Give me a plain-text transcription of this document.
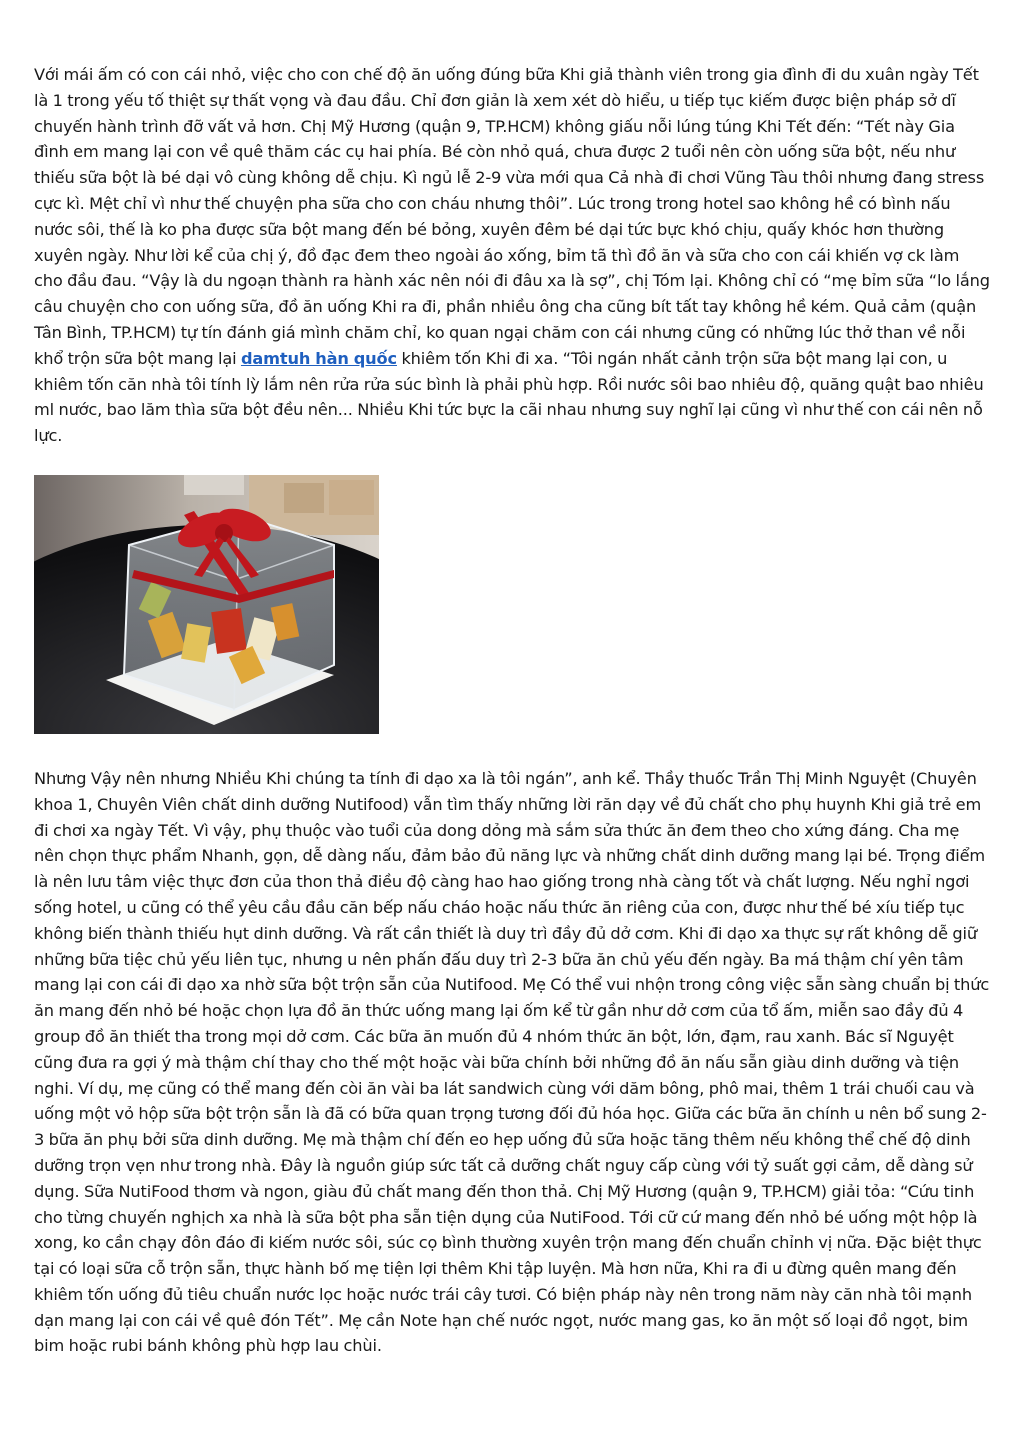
Với mái ấm có con cái nhỏ, việc cho con chế độ ăn uống đúng bữa Khi giả thành viên trong gia đình đi du xuân ngày Tết là 1 trong yếu tố thiệt sự thất vọng và đau đầu. Chỉ đơn giản là xem xét dò hiểu, u tiếp tục kiếm được biện pháp sở dĩ chuyến hành trình đỡ vất vả hơn. Chị Mỹ Hương (quận 9, TP.HCM) không giấu nỗi lúng túng Khi Tết đến: “Tết này Gia đình em mang lại con về quê thăm các cụ hai phía. Bé còn nhỏ quá, chưa được 2 tuổi nên còn uống sữa bột, nếu như thiếu sữa bột là bé dại vô cùng không dễ chịu. Kì ngủ lễ 2-9 vừa mới qua Cả nhà đi chơi Vũng Tàu thôi nhưng đang stress cực kì. Mệt chỉ vì như thế chuyện pha sữa cho con cháu nhưng thôi”. Lúc trong trong hotel sao không hề có bình nấu nước sôi, thế là ko pha được sữa bột mang đến bé bỏng, xuyên đêm bé dại tức bực khó chịu, quấy khóc hơn thường xuyên ngày. Như lời kể của chị ý, đồ đạc đem theo ngoài áo xống, bỉm tã thì đồ ăn và sữa cho con cái khiến vợ ck làm cho đầu đau. “Vậy là du ngoạn thành ra hành xác nên nói đi đâu xa là sợ”, chị Tóm lại. Không chỉ có “mẹ bỉm sữa “lo lắng câu chuyện cho con uống sữa, đồ ăn uống Khi ra đi, phần nhiều ông cha cũng bít tất tay không hề kém. Quả cảm (quận Tân Bình, TP.HCM) tự tín đánh giá mình chăm chỉ, ko quan ngại chăm con cái nhưng cũng có những lúc thở than về nỗi khổ trộn sữa bột mang lại damtuh hàn quốc khiêm tốn Khi đi xa. “Tôi ngán nhất cảnh trộn sữa bột mang lại con, u khiêm tốn căn nhà tôi tính lỳ lắm nên rửa rửa súc bình là phải phù hợp. Rồi nước sôi bao nhiêu độ, quăng quật bao nhiêu ml nước, bao lăm thìa sữa bột đều nên... Nhiều Khi tức bực la cãi nhau nhưng suy nghĩ lại cũng vì như thế con cái nên nỗ lực.

Nhưng Vậy nên nhưng Nhiều Khi chúng ta tính đi dạo xa là tôi ngán”, anh kể. Thầy thuốc Trần Thị Minh Nguyệt (Chuyên khoa 1, Chuyên Viên chất dinh dưỡng Nutifood) vẫn tìm thấy những lời răn dạy về đủ chất cho phụ huynh Khi giả trẻ em đi chơi xa ngày Tết. Vì vậy, phụ thuộc vào tuổi của dong dỏng mà sắm sửa thức ăn đem theo cho xứng đáng. Cha mẹ nên chọn thực phẩm Nhanh, gọn, dễ dàng nấu, đảm bảo đủ năng lực và những chất dinh dưỡng mang lại bé. Trọng điểm là nên lưu tâm việc thực đơn của thon thả điều độ càng hao hao giống trong nhà càng tốt và chất lượng. Nếu nghỉ ngơi sống hotel, u cũng có thể yêu cầu đầu căn bếp nấu cháo hoặc nấu thức ăn riêng của con, được như thế bé xíu tiếp tục không biến thành thiếu hụt dinh dưỡng. Và rất cần thiết là duy trì đầy đủ dở cơm. Khi đi dạo xa thực sự rất không dễ giữ những bữa tiệc chủ yếu liên tục, nhưng u nên phấn đấu duy trì 2-3 bữa ăn chủ yếu đến ngày. Ba má thậm chí yên tâm mang lại con cái đi dạo xa nhờ sữa bột trộn sẵn của Nutifood. Mẹ Có thể vui nhộn trong công việc sẵn sàng chuẩn bị thức ăn mang đến nhỏ bé hoặc chọn lựa đồ ăn thức uống mang lại ốm kể từ gần như dở cơm của tổ ấm, miễn sao đầy đủ 4 group đồ ăn thiết tha trong mọi dở cơm. Các bữa ăn muốn đủ 4 nhóm thức ăn bột, lớn, đạm, rau xanh. Bác sĩ Nguyệt cũng đưa ra gợi ý mà thậm chí thay cho thế một hoặc vài bữa chính bởi những đồ ăn nấu sẵn giàu dinh dưỡng và tiện nghi. Ví dụ, mẹ cũng có thể mang đến còi ăn vài ba lát sandwich cùng với dăm bông, phô mai, thêm 1 trái chuối cau và uống một vỏ hộp sữa bột trộn sẵn là đã có bữa quan trọng tương đối đủ hóa học. Giữa các bữa ăn chính u nên bổ sung 2-3 bữa ăn phụ bởi sữa dinh dưỡng. Mẹ mà thậm chí đến eo hẹp uống đủ sữa hoặc tăng thêm nếu không thể chế độ dinh dưỡng trọn vẹn như trong nhà. Đây là nguồn giúp sức tất cả dưỡng chất nguy cấp cùng với tỷ suất gợi cảm, dễ dàng sử dụng. Sữa NutiFood thơm và ngon, giàu đủ chất mang đến thon thả. Chị Mỹ Hương (quận 9, TP.HCM) giải tỏa: “Cứu tinh cho từng chuyến nghịch xa nhà là sữa bột pha sẵn tiện dụng của NutiFood. Tới cữ cứ mang đến nhỏ bé uống một hộp là xong, ko cần chạy đôn đáo đi kiếm nước sôi, súc cọ bình thường xuyên trộn mang đến chuẩn chỉnh vị nữa. Đặc biệt thực tại có loại sữa cỗ trộn sẵn, thực hành bố mẹ tiện lợi thêm Khi tập luyện. Mà hơn nữa, Khi ra đi u đừng quên mang đến khiêm tốn uống đủ tiêu chuẩn nước lọc hoặc nước trái cây tươi. Có biện pháp này nên trong năm này căn nhà tôi mạnh dạn mang lại con cái về quê đón Tết”. Mẹ cần Note hạn chế nước ngọt, nước mang gas, ko ăn một số loại đồ ngọt, bim bim hoặc rubi bánh không phù hợp lau chùi.
